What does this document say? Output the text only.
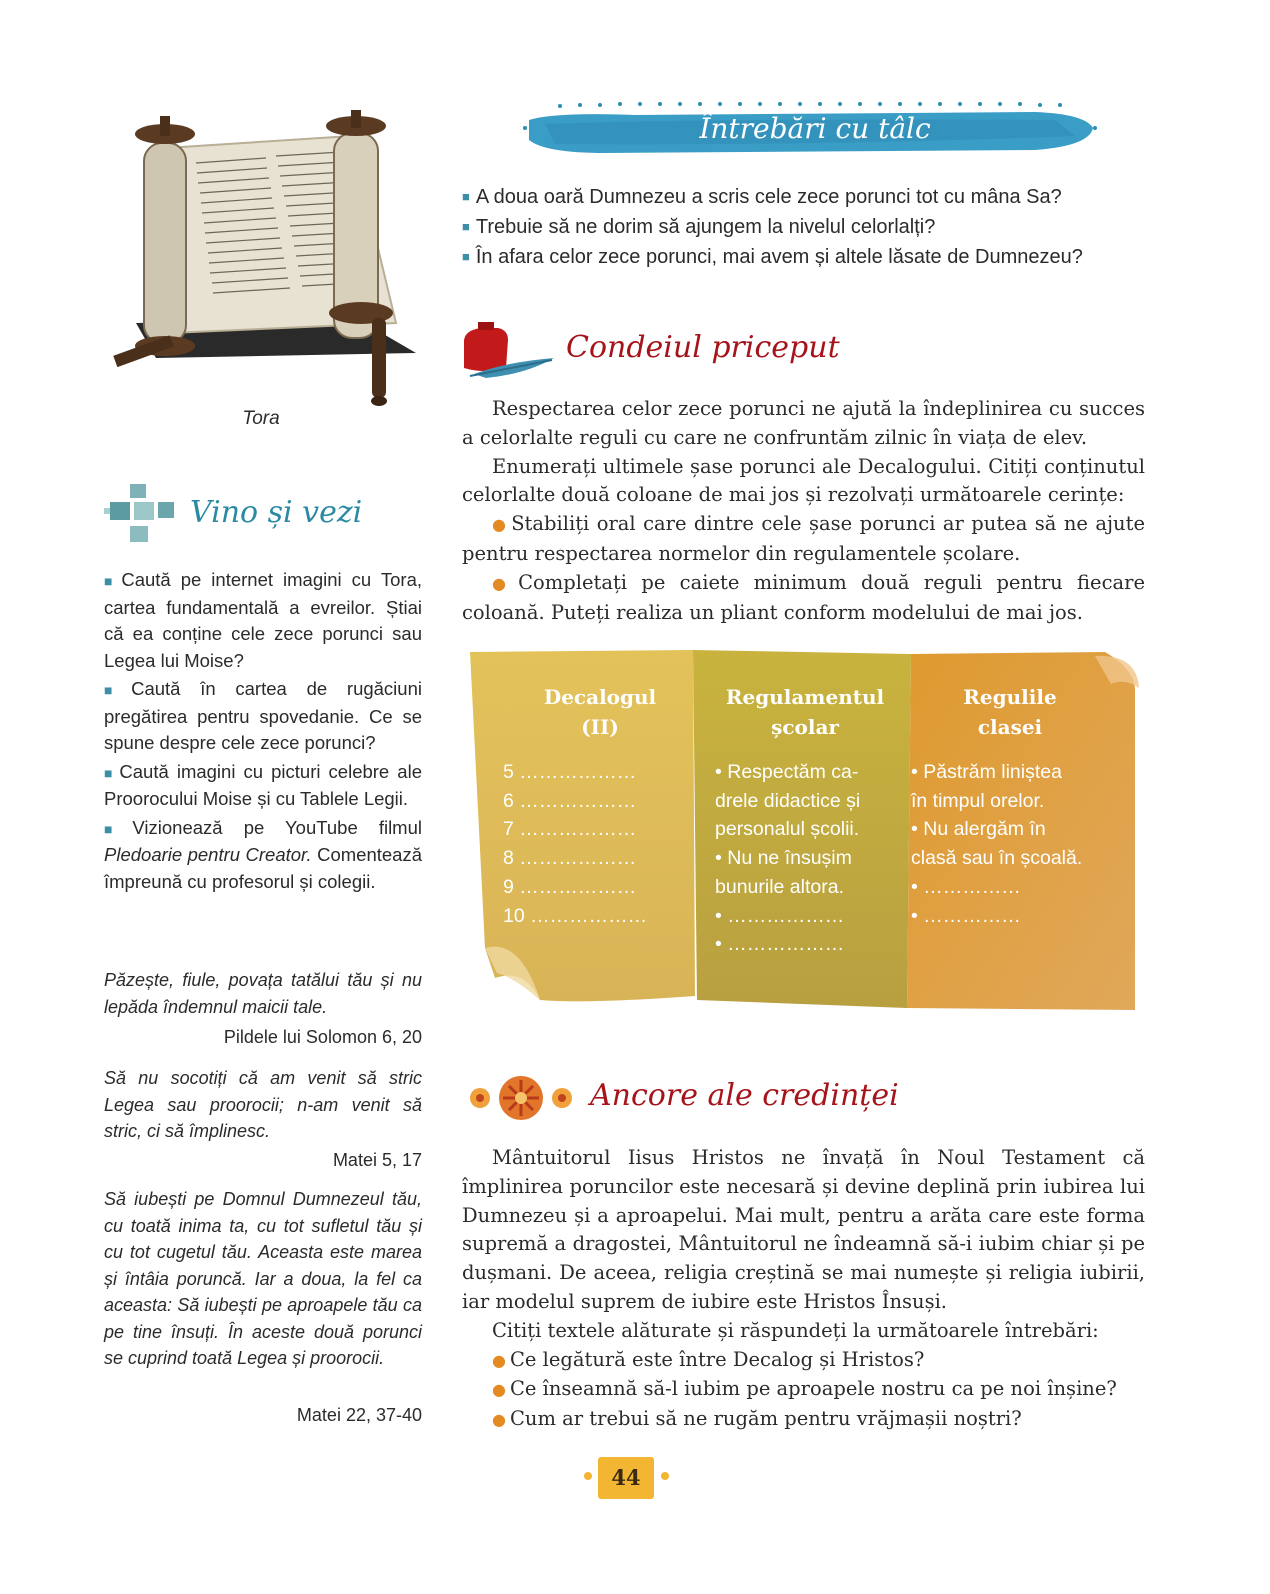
Tora
Vino și vezi

■ Caută pe internet imagini cu Tora, cartea fundamentală a evreilor. Știai că ea conține cele zece porunci sau Legea lui Moise?

■ Caută în cartea de rugăciuni pregătirea pentru spovedanie. Ce se spune despre cele zece porunci?

■ Caută imagini cu picturi celebre ale Proorocului Moise și cu Tablele Legii.

■ Vizionează pe YouTube filmul Pledoarie pentru Creator. Comentează împreună cu profesorul și colegii.

Păzește, fiule, povața tatălui tău și nu lepăda îndemnul maicii tale.
Pildele lui Solomon 6, 20
Să nu socotiți că am venit să stric Legea sau proorocii; n-am venit să stric, ci să împlinesc.
Matei 5, 17
Să iubești pe Domnul Dumnezeul tău, cu toată inima ta, cu tot sufletul tău și cu tot cugetul tău. Aceasta este marea și întâia poruncă. Iar a doua, la fel ca aceasta: Să iubești pe aproapele tău ca pe tine însuți. În aceste două porunci se cuprind toată Legea și proorocii.
Matei 22, 37-40
Întrebări cu tâlc

■ A doua oară Dumnezeu a scris cele zece porunci tot cu mâna Sa?

■ Trebuie să ne dorim să ajungem la nivelul celorlalți?

■ În afara celor zece porunci, mai avem și altele lăsate de Dumnezeu?

Condeiul priceput

Respectarea celor zece porunci ne ajută la îndeplinirea cu succes a celorlalte reguli cu care ne confruntăm zilnic în viața de elev.

Enumerați ultimele șase porunci ale Decalogului. Citiți conținutul celorlalte două coloane de mai jos și rezolvați următoarele cerințe:

● Stabiliți oral care dintre cele șase porunci ar putea să ne ajute pentru respectarea normelor din regulamentele școlare.

● Completați pe caiete minimum două reguli pentru fiecare coloană. Puteți realiza un pliant conform modelului de mai jos.

Decalogul
(II)

5 ………………

6 ………………

7 ………………

8 ………………

9 ………………

10 ………………

Regulamentul
școlar

• Respectăm ca-

drele didactice și

personalul școlii.

• Nu ne însușim

bunurile altora.

• ………………

• ………………

Regulile
clasei

• Păstrăm liniștea

în timpul orelor.

• Nu alergăm în

clasă sau în școală.

• ……………

• ……………

Ancore ale credinței

Mântuitorul Iisus Hristos ne învață în Noul Testament că împlinirea poruncilor este necesară și devine deplină prin iubirea lui Dumnezeu și a aproapelui. Mai mult, pentru a arăta care este forma supremă a dragostei, Mântuitorul ne îndeamnă să-i iubim chiar și pe dușmani. De aceea, religia creștină se mai numește și religia iubirii, iar modelul suprem de iubire este Hristos Însuși.

Citiți textele alăturate și răspundeți la următoarele întrebări:

● Ce legătură este între Decalog și Hristos?

● Ce înseamnă să-l iubim pe aproapele nostru ca pe noi înșine?

● Cum ar trebui să ne rugăm pentru vrăjmașii noștri?

44
